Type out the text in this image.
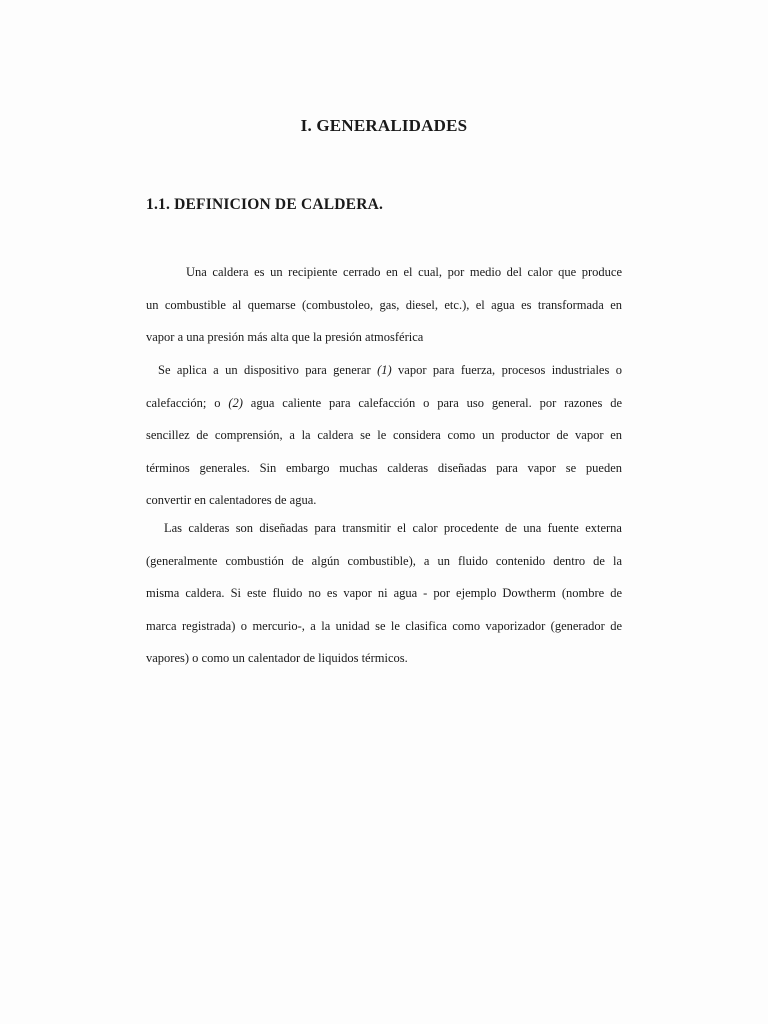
I. GENERALIDADES
1.1. DEFINICION DE CALDERA.
Una caldera es un recipiente cerrado en el cual, por medio del calor que produce
un combustible al quemarse (combustoleo, gas, diesel, etc.), el agua es transformada en
vapor a una presión más alta que la presión atmosférica
Se aplica a un dispositivo para generar (1) vapor para fuerza, procesos industriales o
calefacción; o (2) agua caliente para calefacción o para uso general. por razones de
sencillez de comprensión, a la caldera se le considera como un productor de vapor en
términos generales. Sin embargo muchas calderas diseñadas para vapor se pueden
convertir en calentadores de agua.
Las calderas son diseñadas para transmitir el calor procedente de una fuente externa
(generalmente combustión de algún combustible), a un fluido contenido dentro de la
misma caldera. Si este fluido no es vapor ni agua - por ejemplo Dowtherm (nombre de
marca registrada) o mercurio-, a la unidad se le clasifica como vaporizador (generador de
vapores) o como un calentador de liquidos térmicos.
